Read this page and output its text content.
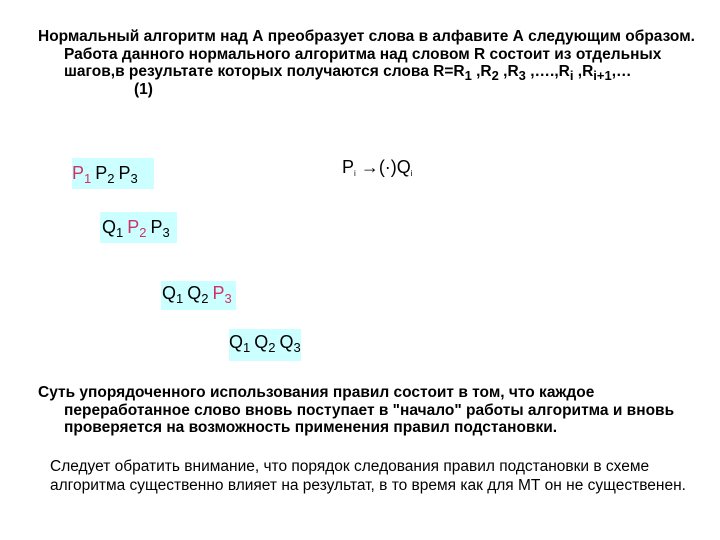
Нормальный алгоритм над А преобразует слова в алфавите А следующим образом. Работа данного нормального алгоритма над словом R состоит из отдельных шагов,в результате которых получаются слова $R=R_1$ $,R_2$ $,R_3$ $,\dots.,R_i$ $,R_{i+1},\dots(1)$
$P_i \to(\cdot)Q_i$
$P_1$ $P_2$ $P_3$
$Q_1$ $P_2$ $P_3$
$Q_1$ $Q_2$ $P_3$
$Q_1$ $Q_2$ $Q_3$
Суть упорядоченного использования правил состоит в том, что каждое переработанное слово вновь поступает в "начало" работы алгоритма и вновь проверяется на возможность применения правил подстановки.
Следует обратить внимание, что порядок следования правил подстановки в схеме алгоритма существенно влияет на результат, в то время как для МТ он не существенен.
